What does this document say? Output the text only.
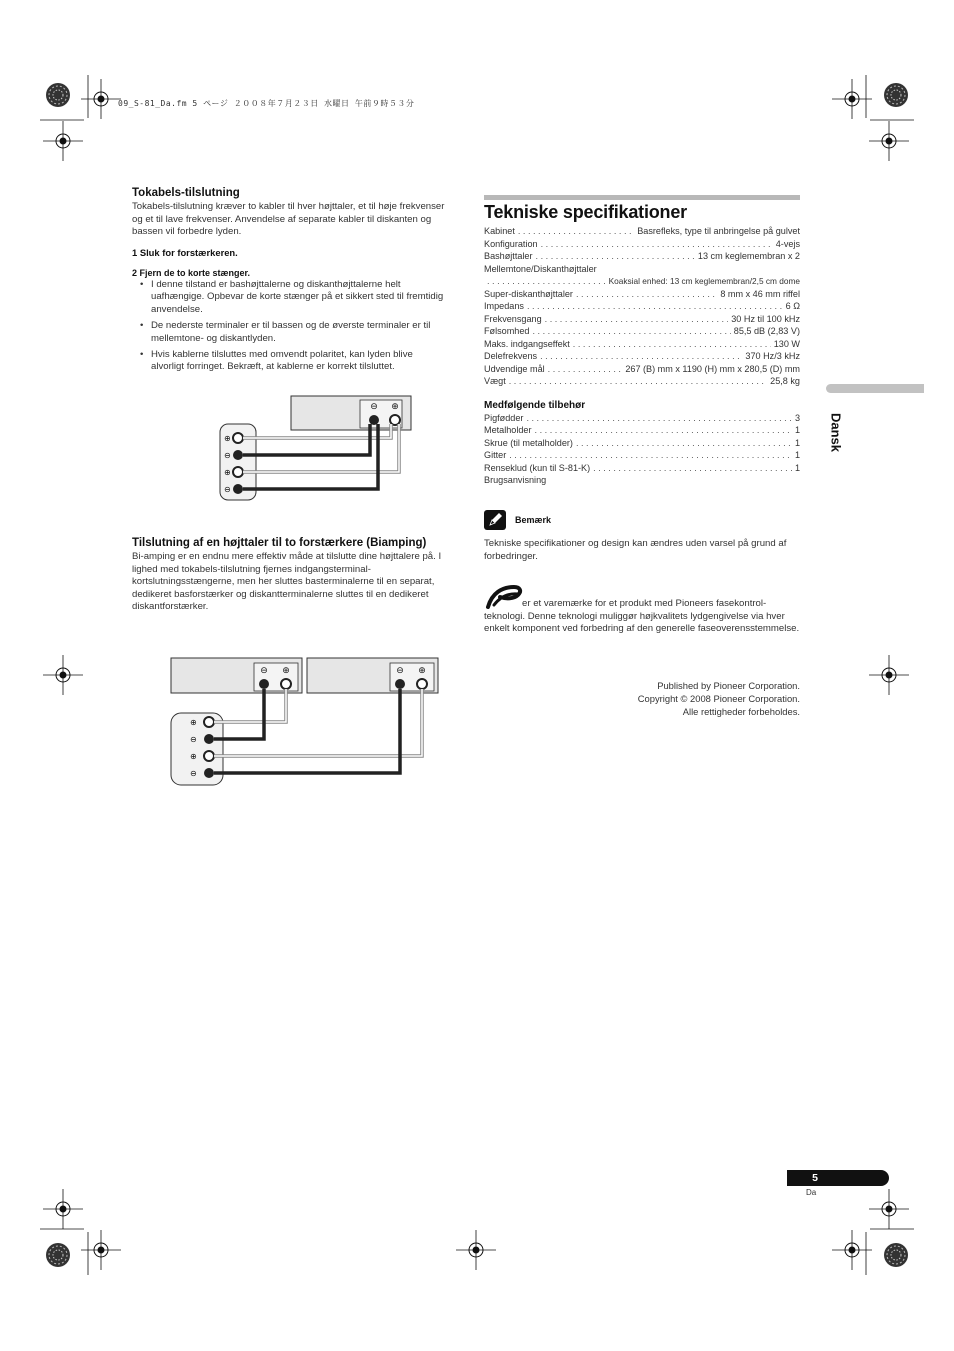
09_S-81_Da.fm 5 ページ ２００８年７月２３日 水曜日 午前９時５３分
Tokabels-tilslutning

Tokabels-tilslutning kræver to kabler til hver højttaler, et til høje frekvenser og et til lave frekvenser. Anvendelse af separate kabler til diskanten og bassen vil forbedre lyden.

1 Sluk for forstærkeren.
2 Fjern de to korte stænger.
• I denne tilstand er bashøjttalerne og diskanthøjttalerne helt uafhængige. Opbevar de korte stænger på et sikkert sted til fremtidig anvendelse.
• De nederste terminaler er til bassen og de øverste terminaler er til mellemtone- og diskantlyden.
• Hvis kablerne tilsluttes med omvendt polaritet, kan lyden blive alvorligt forringet. Bekræft, at kablerne er korrekt tilsluttet.
⊖ ⊕
⊕
⊖
⊕
⊖
Tilslutning af en højttaler til to forstærkere (Biamping)

Bi-amping er en endnu mere effektiv måde at tilslutte dine højttalere på. I lighed med tokabels-tilslutning fjernes indgangsterminal-kortslutningsstængerne, men her sluttes basterminalerne til en separat, dedikeret basforstærker og diskantterminalerne sluttes til en dedikeret diskantforstærker.

⊖ ⊕	⊖ ⊕
⊕
⊖
⊕
⊖
Tekniske specifikationer
Kabinet . . .	Basrefleks, type til anbringelse på gulvet
Konfiguration . . .	4-vejs
Bashøjttaler . . .	13 cm keglemembran x 2
Mellemtone/Diskanthøjttaler
. . .
Koaksial enhed: 13 cm keglemembran/2,5 cm dome
Super-diskanthøjttaler . . .	8 mm x 46 mm riffel
Impedans . . .	6 Ω
Frekvensgang . . .	30 Hz til 100 kHz
Følsomhed . . .	85,5 dB (2,83 V)
Maks. indgangseffekt . . .	130 W
Delefrekvens . . .	370 Hz/3 kHz
Udvendige mål . . .	267 (B) mm x 1190 (H) mm x 280,5 (D) mm
Vægt . . .	25,8 kg
Medfølgende tilbehør
Pigfødder . . .	3
Metalholder . . .	1
Skrue (til metalholder) . . .	1
Gitter . . .	1
Renseklud (kun til S-81-K) . . .	1
Brugsanvisning
Bemærk

Tekniske specifikationer og design kan ændres uden varsel på grund af forbedringer.

er et varemærke for et produkt med Pioneers fasekontrol-teknologi. Denne teknologi muliggør højkvalitets lydgengivelse via hver enkelt komponent ved forbedring af den generelle faseoverensstemmelse.

Published by Pioneer Corporation.
Copyright © 2008 Pioneer Corporation.
Alle rettigheder forbeholdes.
Dansk
5
Da
